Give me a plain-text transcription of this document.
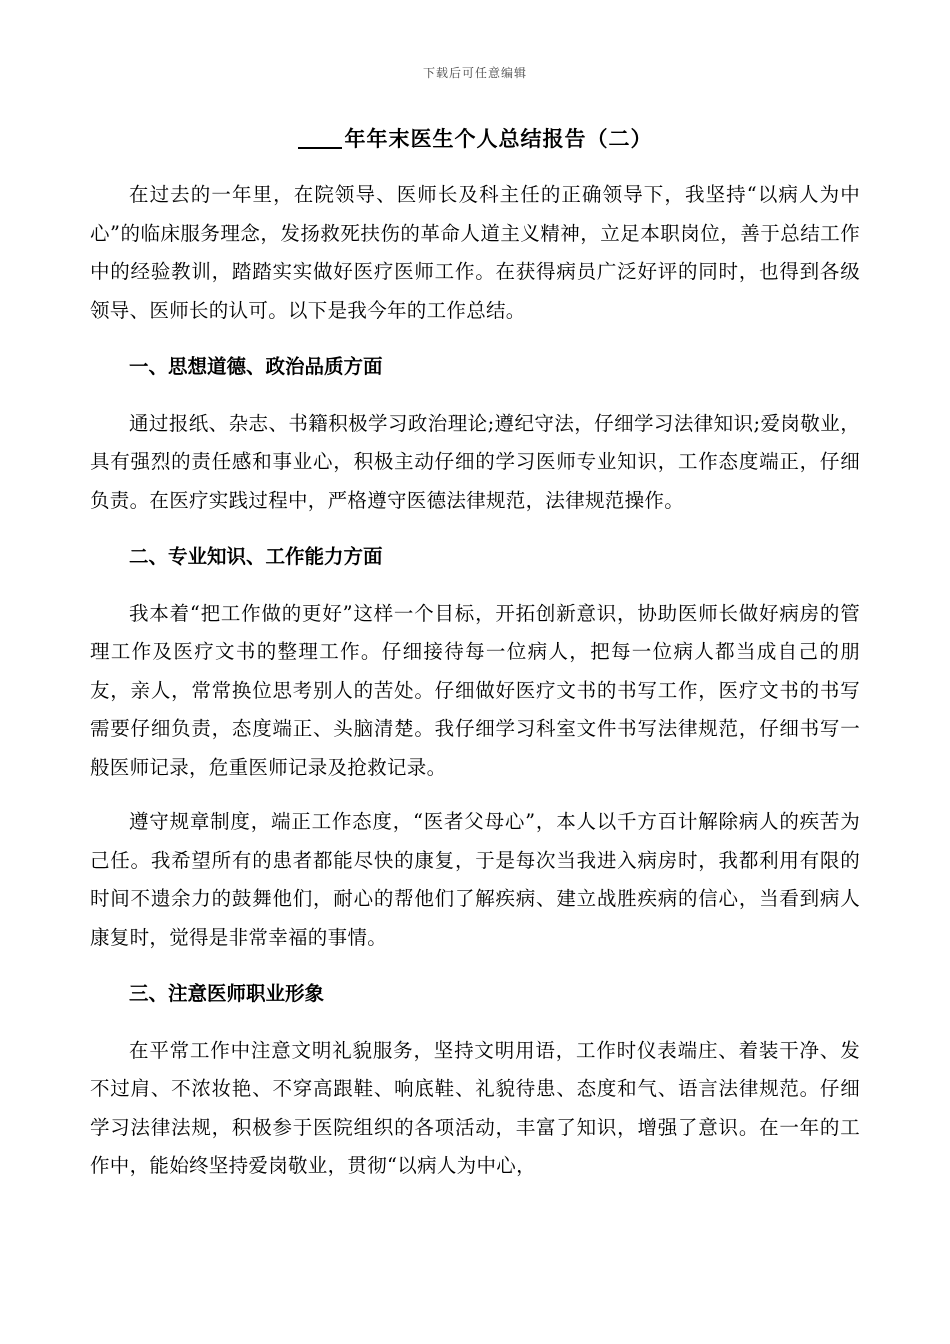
下载后可任意编辑
年年末医生个人总结报告（二）

在过去的一年里，在院领导、医师长及科主任的正确领导下，我坚持“以病人为中心”的临床服务理念，发扬救死扶伤的革命人道主义精神，立足本职岗位，善于总结工作中的经验教训，踏踏实实做好医疗医师工作。在获得病员广泛好评的同时，也得到各级领导、医师长的认可。以下是我今年的工作总结。

一、思想道德、政治品质方面

通过报纸、杂志、书籍积极学习政治理论;遵纪守法，仔细学习法律知识;爱岗敬业，具有强烈的责任感和事业心，积极主动仔细的学习医师专业知识，工作态度端正，仔细负责。在医疗实践过程中，严格遵守医德法律规范，法律规范操作。

二、专业知识、工作能力方面

我本着“把工作做的更好”这样一个目标，开拓创新意识，协助医师长做好病房的管理工作及医疗文书的整理工作。仔细接待每一位病人，把每一位病人都当成自己的朋友，亲人，常常换位思考别人的苦处。仔细做好医疗文书的书写工作，医疗文书的书写需要仔细负责，态度端正、头脑清楚。我仔细学习科室文件书写法律规范，仔细书写一般医师记录，危重医师记录及抢救记录。

遵守规章制度，端正工作态度，“医者父母心”，本人以千方百计解除病人的疾苦为己任。我希望所有的患者都能尽快的康复，于是每次当我进入病房时，我都利用有限的时间不遗余力的鼓舞他们，耐心的帮他们了解疾病、建立战胜疾病的信心，当看到病人康复时，觉得是非常幸福的事情。

三、注意医师职业形象

在平常工作中注意文明礼貌服务，坚持文明用语，工作时仪表端庄、着装干净、发不过肩、不浓妆艳、不穿高跟鞋、响底鞋、礼貌待患、态度和气、语言法律规范。仔细学习法律法规，积极参于医院组织的各项活动，丰富了知识，增强了意识。在一年的工作中，能始终坚持爱岗敬业，贯彻“以病人为中心，
